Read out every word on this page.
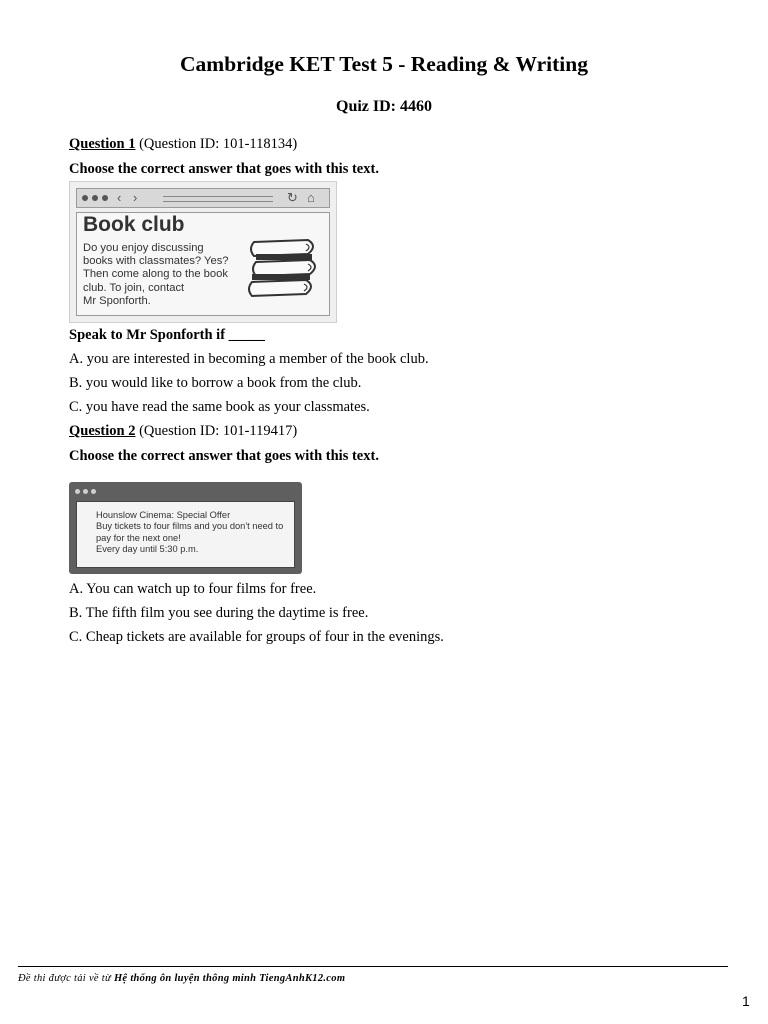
Cambridge KET Test 5 - Reading & Writing
Quiz ID: 4460
Question 1 (Question ID: 101-118134)
Choose the correct answer that goes with this text.
‹ ›	↻ ⌂
Book club
Do you enjoy discussing
books with classmates? Yes?
Then come along to the book
club. To join, contact
Mr Sponforth.
Speak to Mr Sponforth if _____
A. you are interested in becoming a member of the book club.
B. you would like to borrow a book from the club.
C. you have read the same book as your classmates.
Question 2 (Question ID: 101-119417)
Choose the correct answer that goes with this text.
Hounslow Cinema: Special Offer
Buy tickets to four films and you don't need to
pay for the next one!
Every day until 5:30 p.m.
A. You can watch up to four films for free.
B. The fifth film you see during the daytime is free.
C. Cheap tickets are available for groups of four in the evenings.
Đề thi được tải về từ Hệ thống ôn luyện thông minh TiengAnhK12.com
1
